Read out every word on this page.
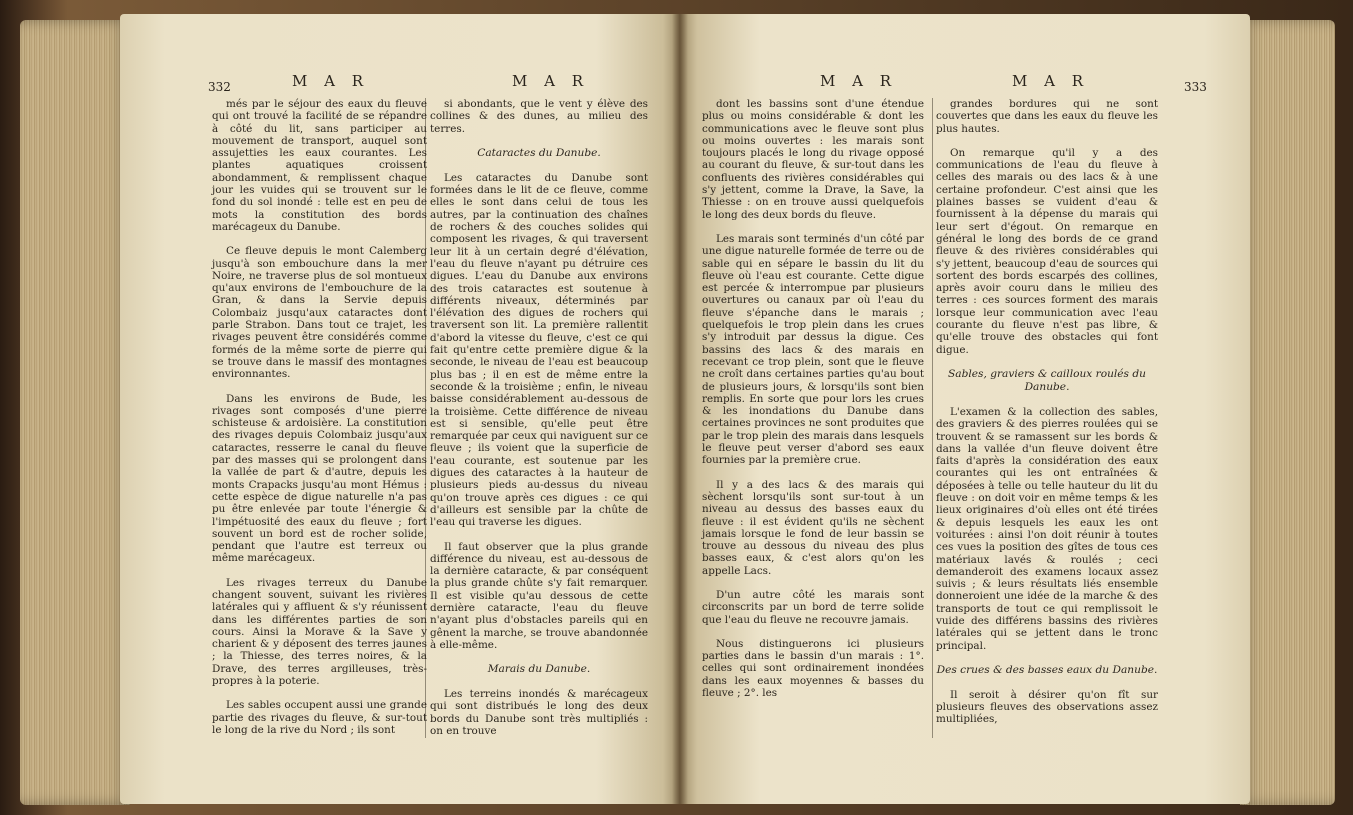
332	M A R	M A R

més par le séjour des eaux du fleuve qui ont trouvé la facilité de se répandre à côté du lit, sans participer au mouvement de transport, auquel sont assujetties les eaux courantes. Les plantes aquatiques croissent abondamment, & remplissent chaque jour les vuides qui se trouvent sur le fond du sol inondé : telle est en peu de mots la constitution des bords marécageux du Danube.

Ce fleuve depuis le mont Calemberg jusqu'à son embouchure dans la mer Noire, ne traverse plus de sol montueux qu'aux environs de l'embouchure de la Gran, & dans la Servie depuis Colombaiz jusqu'aux cataractes dont parle Strabon. Dans tout ce trajet, les rivages peuvent être considérés comme formés de la même sorte de pierre qui se trouve dans le massif des montagnes environnantes.

Dans les environs de Bude, les rivages sont composés d'une pierre schisteuse & ardoisière. La constitution des rivages depuis Colombaiz jusqu'aux cataractes, resserre le canal du fleuve par des masses qui se prolongent dans la vallée de part & d'autre, depuis les monts Crapacks jusqu'au mont Hémus : cette espèce de digue naturelle n'a pas pu être enlevée par toute l'énergie & l'impétuosité des eaux du fleuve ; fort souvent un bord est de rocher solide, pendant que l'autre est terreux ou même marécageux.

Les rivages terreux du Danube changent souvent, suivant les rivières latérales qui y affluent & s'y réunissent dans les différentes parties de son cours. Ainsi la Morave & la Save y charient & y déposent des terres jaunes ; la Thiesse, des terres noires, & la Drave, des terres argilleuses, très-propres à la poterie.

Les sables occupent aussi une grande partie des rivages du fleuve, & sur-tout le long de la rive du Nord ; ils sont

si abondants, que le vent y élève des collines & des dunes, au milieu des terres.

Cataractes du Danube.

Les cataractes du Danube sont formées dans le lit de ce fleuve, comme elles le sont dans celui de tous les autres, par la continuation des chaînes de rochers & des couches solides qui composent les rivages, & qui traversent leur lit à un certain degré d'élévation, l'eau du fleuve n'ayant pu détruire ces digues. L'eau du Danube aux environs des trois cataractes est soutenue à différents niveaux, déterminés par l'élévation des digues de rochers qui traversent son lit. La première rallentit d'abord la vitesse du fleuve, c'est ce qui fait qu'entre cette première digue & la seconde, le niveau de l'eau est beaucoup plus bas ; il en est de même entre la seconde & la troisième ; enfin, le niveau baisse considérablement au-dessous de la troisième. Cette différence de niveau est si sensible, qu'elle peut être remarquée par ceux qui naviguent sur ce fleuve ; ils voient que la superficie de l'eau courante, est soutenue par les digues des cataractes à la hauteur de plusieurs pieds au-dessus du niveau qu'on trouve après ces digues : ce qui d'ailleurs est sensible par la chûte de l'eau qui traverse les digues.

Il faut observer que la plus grande différence du niveau, est au-dessous de la dernière cataracte, & par conséquent la plus grande chûte s'y fait remarquer. Il est visible qu'au dessous de cette dernière cataracte, l'eau du fleuve n'ayant plus d'obstacles pareils qui en gênent la marche, se trouve abandonnée à elle-même.

Marais du Danube.

Les terreins inondés & marécageux qui sont distribués le long des deux bords du Danube sont très multipliés : on en trouve

M A R	M A R	333

dont les bassins sont d'une étendue plus ou moins considérable & dont les communications avec le fleuve sont plus ou moins ouvertes : les marais sont toujours placés le long du rivage opposé au courant du fleuve, & sur-tout dans les confluents des rivières considérables qui s'y jettent, comme la Drave, la Save, la Thiesse : on en trouve aussi quelquefois le long des deux bords du fleuve.

Les marais sont terminés d'un côté par une digue naturelle formée de terre ou de sable qui en sépare le bassin du lit du fleuve où l'eau est courante. Cette digue est percée & interrompue par plusieurs ouvertures ou canaux par où l'eau du fleuve s'épanche dans le marais ; quelquefois le trop plein dans les crues s'y introduit par dessus la digue. Ces bassins des lacs & des marais en recevant ce trop plein, sont que le fleuve ne croît dans certaines parties qu'au bout de plusieurs jours, & lorsqu'ils sont bien remplis. En sorte que pour lors les crues & les inondations du Danube dans certaines provinces ne sont produites que par le trop plein des marais dans lesquels le fleuve peut verser d'abord ses eaux fournies par la première crue.

Il y a des lacs & des marais qui sèchent lorsqu'ils sont sur-tout à un niveau au dessus des basses eaux du fleuve : il est évident qu'ils ne sèchent jamais lorsque le fond de leur bassin se trouve au dessous du niveau des plus basses eaux, & c'est alors qu'on les appelle Lacs.

D'un autre côté les marais sont circonscrits par un bord de terre solide que l'eau du fleuve ne recouvre jamais.

Nous distinguerons ici plusieurs parties dans le bassin d'un marais : 1°. celles qui sont ordinairement inondées dans les eaux moyennes & basses du fleuve ; 2°. les

grandes bordures qui ne sont couvertes que dans les eaux du fleuve les plus hautes.

On remarque qu'il y a des communications de l'eau du fleuve à celles des marais ou des lacs & à une certaine profondeur. C'est ainsi que les plaines basses se vuident d'eau & fournissent à la dépense du marais qui leur sert d'égout. On remarque en général le long des bords de ce grand fleuve & des rivières considérables qui s'y jettent, beaucoup d'eau de sources qui sortent des bords escarpés des collines, après avoir couru dans le milieu des terres : ces sources forment des marais lorsque leur communication avec l'eau courante du fleuve n'est pas libre, & qu'elle trouve des obstacles qui font digue.

Sables, graviers & cailloux roulés du Danube.

L'examen & la collection des sables, des graviers & des pierres roulées qui se trouvent & se ramassent sur les bords & dans la vallée d'un fleuve doivent être faits d'après la considération des eaux courantes qui les ont entraînées & déposées à telle ou telle hauteur du lit du fleuve : on doit voir en même temps & les lieux originaires d'où elles ont été tirées & depuis lesquels les eaux les ont voiturées : ainsi l'on doit réunir à toutes ces vues la position des gîtes de tous ces matériaux lavés & roulés ; ceci demanderoit des examens locaux assez suivis ; & leurs résultats liés ensemble donneroient une idée de la marche & des transports de tout ce qui remplissoit le vuide des différens bassins des rivières latérales qui se jettent dans le tronc principal.

Des crues & des basses eaux du Danube.

Il seroit à désirer qu'on fît sur plusieurs fleuves des observations assez multipliées,
